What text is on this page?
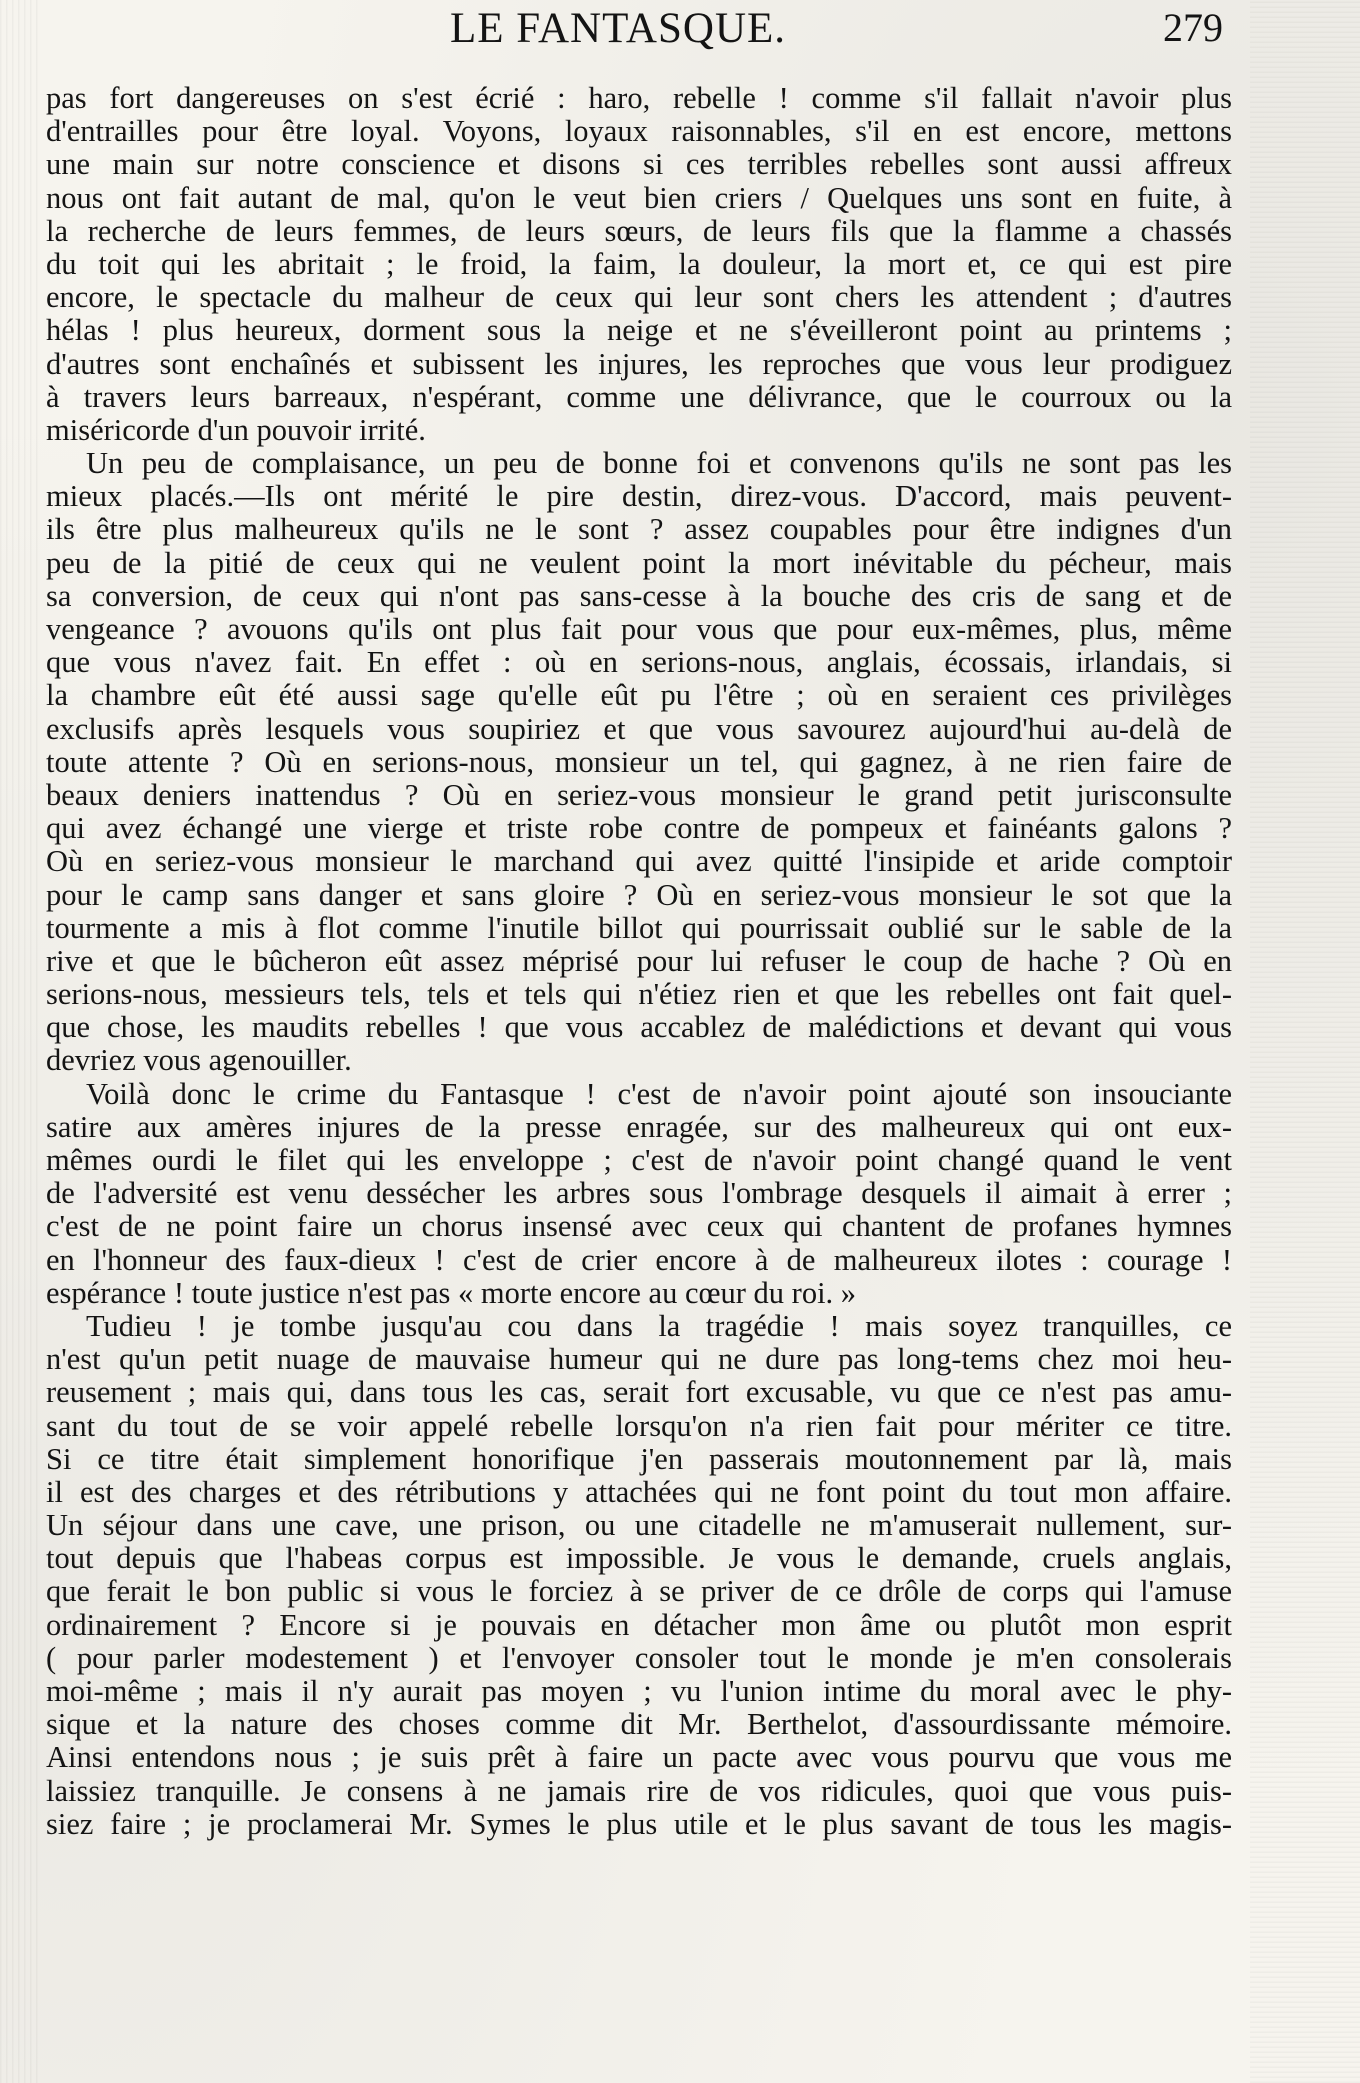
LE FANTASQUE.	279
pas fort dangereuses on s'est écrié : haro, rebelle ! comme s'il fallait n'avoir plus
d'entrailles pour être loyal. Voyons, loyaux raisonnables, s'il en est encore, mettons
une main sur notre conscience et disons si ces terribles rebelles sont aussi affreux
nous ont fait autant de mal, qu'on le veut bien criers / Quelques uns sont en fuite, à
la recherche de leurs femmes, de leurs sœurs, de leurs fils que la flamme a chassés
du toit qui les abritait ; le froid, la faim, la douleur, la mort et, ce qui est pire
encore, le spectacle du malheur de ceux qui leur sont chers les attendent ; d'autres
hélas ! plus heureux, dorment sous la neige et ne s'éveilleront point au printems ;
d'autres sont enchaînés et subissent les injures, les reproches que vous leur prodiguez
à travers leurs barreaux, n'espérant, comme une délivrance, que le courroux ou la
miséricorde d'un pouvoir irrité.
Un peu de complaisance, un peu de bonne foi et convenons qu'ils ne sont pas les
mieux placés.—Ils ont mérité le pire destin, direz-vous. D'accord, mais peuvent-
ils être plus malheureux qu'ils ne le sont ? assez coupables pour être indignes d'un
peu de la pitié de ceux qui ne veulent point la mort inévitable du pécheur, mais
sa conversion, de ceux qui n'ont pas sans-cesse à la bouche des cris de sang et de
vengeance ? avouons qu'ils ont plus fait pour vous que pour eux-mêmes, plus, même
que vous n'avez fait. En effet : où en serions-nous, anglais, écossais, irlandais, si
la chambre eût été aussi sage qu'elle eût pu l'être ; où en seraient ces privilèges
exclusifs après lesquels vous soupiriez et que vous savourez aujourd'hui au-delà de
toute attente ? Où en serions-nous, monsieur un tel, qui gagnez, à ne rien faire de
beaux deniers inattendus ? Où en seriez-vous monsieur le grand petit jurisconsulte
qui avez échangé une vierge et triste robe contre de pompeux et fainéants galons ?
Où en seriez-vous monsieur le marchand qui avez quitté l'insipide et aride comptoir
pour le camp sans danger et sans gloire ? Où en seriez-vous monsieur le sot que la
tourmente a mis à flot comme l'inutile billot qui pourrissait oublié sur le sable de la
rive et que le bûcheron eût assez méprisé pour lui refuser le coup de hache ? Où en
serions-nous, messieurs tels, tels et tels qui n'étiez rien et que les rebelles ont fait quel-
que chose, les maudits rebelles ! que vous accablez de malédictions et devant qui vous
devriez vous agenouiller.
Voilà donc le crime du Fantasque ! c'est de n'avoir point ajouté son insouciante
satire aux amères injures de la presse enragée, sur des malheureux qui ont eux-
mêmes ourdi le filet qui les enveloppe ; c'est de n'avoir point changé quand le vent
de l'adversité est venu dessécher les arbres sous l'ombrage desquels il aimait à errer ;
c'est de ne point faire un chorus insensé avec ceux qui chantent de profanes hymnes
en l'honneur des faux-dieux ! c'est de crier encore à de malheureux ilotes : courage !
espérance ! toute justice n'est pas « morte encore au cœur du roi. »
Tudieu ! je tombe jusqu'au cou dans la tragédie ! mais soyez tranquilles, ce
n'est qu'un petit nuage de mauvaise humeur qui ne dure pas long-tems chez moi heu-
reusement ; mais qui, dans tous les cas, serait fort excusable, vu que ce n'est pas amu-
sant du tout de se voir appelé rebelle lorsqu'on n'a rien fait pour mériter ce titre.
Si ce titre était simplement honorifique j'en passerais moutonnement par là, mais
il est des charges et des rétributions y attachées qui ne font point du tout mon affaire.
Un séjour dans une cave, une prison, ou une citadelle ne m'amuserait nullement, sur-
tout depuis que l'habeas corpus est impossible. Je vous le demande, cruels anglais,
que ferait le bon public si vous le forciez à se priver de ce drôle de corps qui l'amuse
ordinairement ? Encore si je pouvais en détacher mon âme ou plutôt mon esprit
( pour parler modestement ) et l'envoyer consoler tout le monde je m'en consolerais
moi-même ; mais il n'y aurait pas moyen ; vu l'union intime du moral avec le phy-
sique et la nature des choses comme dit Mr. Berthelot, d'assourdissante mémoire.
Ainsi entendons nous ; je suis prêt à faire un pacte avec vous pourvu que vous me
laissiez tranquille. Je consens à ne jamais rire de vos ridicules, quoi que vous puis-
siez faire ; je proclamerai Mr. Symes le plus utile et le plus savant de tous les magis-
